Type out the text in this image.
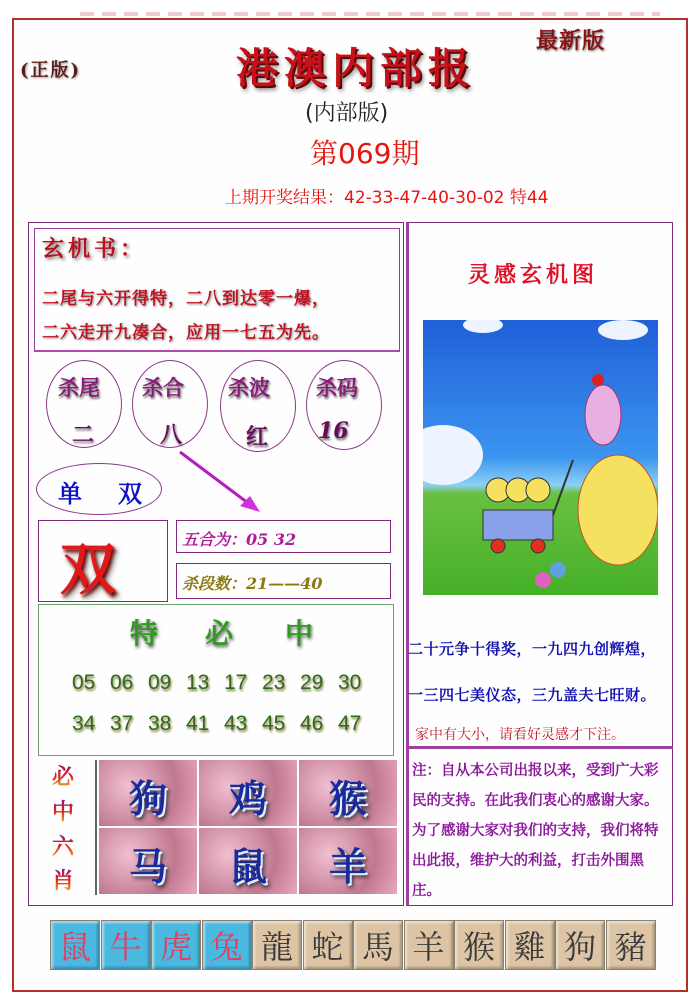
(正版)	港澳内部报
最新版
(内部版)
第069期
上期开奖结果：42-33-47-40-30-02 特44
玄机书：
二尾与六开得特，二八到达零一爆，
二六走开九凑合，应用一七五为先。
杀尾
二
杀合
八
杀波
红
杀码
16
单 双
双	五合为：05 32
杀段数：21——40
特 必 中
05 06 09 13 17 23 29 30
34 37 38 41 43 45 46 47
必
中
六
肖
狗	鸡	猴
马	鼠	羊
灵感玄机图
二十元争十得奖，一九四九创辉煌，
一三四七美仪态，三九盖夫七旺财。
家中有大小，请看好灵感才下注。
注：自从本公司出报以来，受到广大彩民的支持。在此我们衷心的感谢大家。为了感谢大家对我们的支持，我们将特出此报，维护大的利益，打击外围黑庄。
鼠 牛 虎 兔 龍 蛇 馬 羊 猴 雞 狗 豬
